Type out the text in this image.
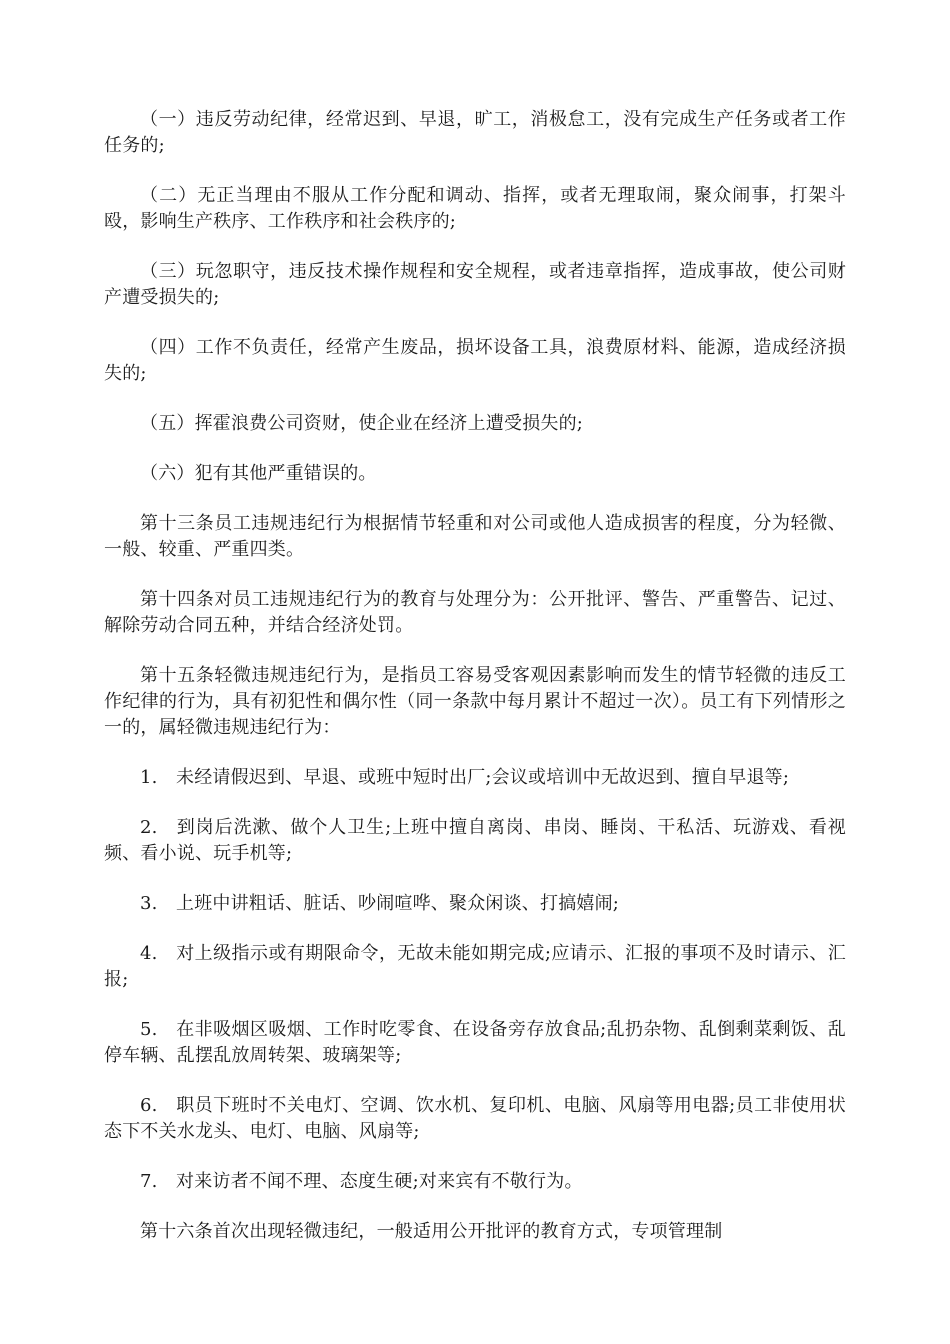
（一）违反劳动纪律，经常迟到、早退，旷工，消极怠工，没有完成生产任务或者工作任务的;

（二）无正当理由不服从工作分配和调动、指挥，或者无理取闹，聚众闹事，打架斗殴，影响生产秩序、工作秩序和社会秩序的;

（三）玩忽职守，违反技术操作规程和安全规程，或者违章指挥，造成事故，使公司财产遭受损失的;

（四）工作不负责任，经常产生废品，损坏设备工具，浪费原材料、能源，造成经济损失的;

（五）挥霍浪费公司资财，使企业在经济上遭受损失的;

（六）犯有其他严重错误的。

第十三条员工违规违纪行为根据情节轻重和对公司或他人造成损害的程度，分为轻微、一般、较重、严重四类。

第十四条对员工违规违纪行为的教育与处理分为：公开批评、警告、严重警告、记过、解除劳动合同五种，并结合经济处罚。

第十五条轻微违规违纪行为，是指员工容易受客观因素影响而发生的情节轻微的违反工作纪律的行为，具有初犯性和偶尔性（同一条款中每月累计不超过一次）。员工有下列情形之一的，属轻微违规违纪行为：

1. 未经请假迟到、早退、或班中短时出厂;会议或培训中无故迟到、擅自早退等;

2. 到岗后洗漱、做个人卫生;上班中擅自离岗、串岗、睡岗、干私活、玩游戏、看视频、看小说、玩手机等;

3. 上班中讲粗话、脏话、吵闹喧哗、聚众闲谈、打搞嬉闹;

4. 对上级指示或有期限命令，无故未能如期完成;应请示、汇报的事项不及时请示、汇报;

5. 在非吸烟区吸烟、工作时吃零食、在设备旁存放食品;乱扔杂物、乱倒剩菜剩饭、乱停车辆、乱摆乱放周转架、玻璃架等;

6. 职员下班时不关电灯、空调、饮水机、复印机、电脑、风扇等用电器;员工非使用状态下不关水龙头、电灯、电脑、风扇等;

7. 对来访者不闻不理、态度生硬;对来宾有不敬行为。

第十六条首次出现轻微违纪，一般适用公开批评的教育方式，专项管理制
